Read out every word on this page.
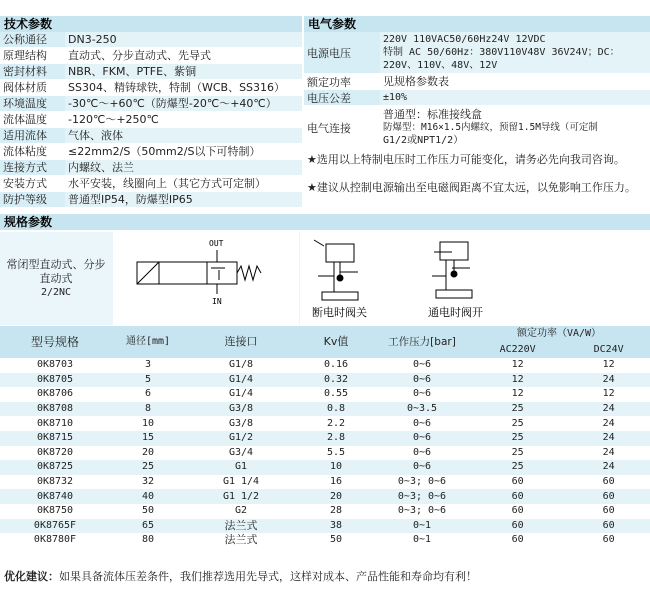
技术参数
公称通径	DN3-250
原理结构	直动式、分步直动式、先导式
密封材料	NBR、FKM、PTFE、紫铜
阀体材质	SS304、精铸球铁，特制（WCB、SS316）
环境温度	-30℃～+60℃（防爆型-20℃～+40℃）
流体温度	-120℃～+250℃
适用流体	气体、液体
流体粘度	≤22mm2/S（50mm2/S以下可特制）
连接方式	内螺纹、法兰
安装方式	水平安装，线圈向上（其它方式可定制）
防护等级	普通型IP54，防爆型IP65
电气参数
电源电压
220V 110VAC50/60Hz24V 12VDC
特制 AC 50/60Hz：380V110V48V 36V24V；DC：
220V、110V、48V、12V
额定功率	见规格参数表
电压公差	±10%
电气连接
普通型：标准接线盒
防爆型：M16×1.5内螺纹，预留1.5M导线（可定制
G1/2或NPT1/2）
★选用以上特制电压时工作压力可能变化，请务必先向我司咨询。
★建议从控制电源输出至电磁阀距离不宜太远，以免影响工作压力。
规格参数
常闭型直动式、分步直动式
2/2NC
OUT
IN
断电时阀关	通电时阀开
型号规格	通径[mm]	连接口	Kv值	工作压力[bar]	额定功率（VA/W）	
					AC220V	DC24V
0K8703	3	G1/8	0.16	0~6	12	12
0K8705	5	G1/4	0.32	0~6	12	24
0K8706	6	G1/4	0.55	0~6	12	12
0K8708	8	G3/8	0.8	0~3.5	25	24
0K8710	10	G3/8	2.2	0~6	25	24
0K8715	15	G1/2	2.8	0~6	25	24
0K8720	20	G3/4	5.5	0~6	25	24
0K8725	25	G1	10	0~6	25	24
0K8732	32	G1 1/4	16	0~3; 0~6	60	60
0K8740	40	G1 1/2	20	0~3; 0~6	60	60
0K8750	50	G2	28	0~3; 0~6	60	60
0K8765F	65	法兰式	38	0~1	60	60
0K8780F	80	法兰式	50	0~1	60	60
优化建议：如果具备流体压差条件，我们推荐选用先导式，这样对成本、产品性能和寿命均有利！
